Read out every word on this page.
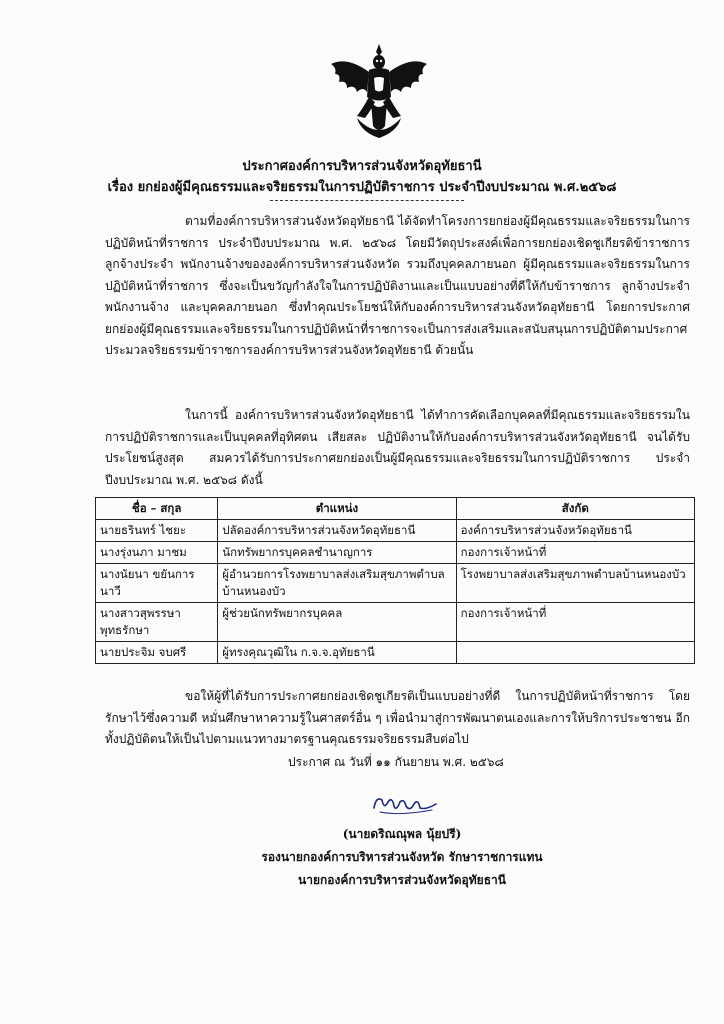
ประกาศองค์การบริหารส่วนจังหวัดอุทัยธานี
เรื่อง ยกย่องผู้มีคุณธรรมและจริยธรรมในการปฏิบัติราชการ ประจำปีงบประมาณ พ.ศ.๒๕๖๘

ตามที่องค์การบริหารส่วนจังหวัดอุทัยธานี ได้จัดทำโครงการยกย่องผู้มีคุณธรรมและจริยธรรมในการปฏิบัติหน้าที่ราชการ ประจำปีงบประมาณ พ.ศ. ๒๕๖๘ โดยมีวัตถุประสงค์เพื่อการยกย่องเชิดชูเกียรติข้าราชการ ลูกจ้างประจำ พนักงานจ้างขององค์การบริหารส่วนจังหวัด รวมถึงบุคคลภายนอก ผู้มีคุณธรรมและจริยธรรมในการปฏิบัติหน้าที่ราชการ ซึ่งจะเป็นขวัญกำลังใจในการปฏิบัติงานและเป็นแบบอย่างที่ดีให้กับข้าราชการ ลูกจ้างประจำ พนักงานจ้าง และบุคคลภายนอก ซึ่งทำคุณประโยชน์ให้กับองค์การบริหารส่วนจังหวัดอุทัยธานี โดยการประกาศ ยกย่องผู้มีคุณธรรมและจริยธรรมในการปฏิบัติหน้าที่ราชการจะเป็นการส่งเสริมและสนับสนุนการปฏิบัติตามประกาศประมวลจริยธรรมข้าราชการองค์การบริหารส่วนจังหวัดอุทัยธานี ด้วยนั้น

ในการนี้ องค์การบริหารส่วนจังหวัดอุทัยธานี ได้ทำการคัดเลือกบุคคลที่มีคุณธรรมและจริยธรรมในการปฏิบัติราชการและเป็นบุคคลที่อุทิศตน เสียสละ ปฏิบัติงานให้กับองค์การบริหารส่วนจังหวัดอุทัยธานี จนได้รับประโยชน์สูงสุด สมควรได้รับการประกาศยกย่องเป็นผู้มีคุณธรรมและจริยธรรมในการปฏิบัติราชการ ประจำปีงบประมาณ พ.ศ. ๒๕๖๘ ดังนี้

ชื่อ – สกุล	ตำแหน่ง	สังกัด
นายธรินทร์ ไชยะ	ปลัดองค์การบริหารส่วนจังหวัดอุทัยธานี	องค์การบริหารส่วนจังหวัดอุทัยธานี
นางรุ่งนภา มาชม	นักทรัพยากรบุคคลชำนาญการ	กองการเจ้าหน้าที่
นางนัยนา ขยันการนาวี	ผู้อำนวยการโรงพยาบาลส่งเสริมสุขภาพตำบลบ้านหนองบัว	โรงพยาบาลส่งเสริมสุขภาพตำบลบ้านหนองบัว
นางสาวสุพรรษา พุทธรักษา	ผู้ช่วยนักทรัพยากรบุคคล	กองการเจ้าหน้าที่
นายประจิม จบศรี	ผู้ทรงคุณวุฒิใน ก.จ.จ.อุทัยธานี	

ขอให้ผู้ที่ได้รับการประกาศยกย่องเชิดชูเกียรติเป็นแบบอย่างที่ดี ในการปฏิบัติหน้าที่ราชการ โดยรักษาไว้ซึ่งความดี หมั่นศึกษาหาความรู้ในศาสตร์อื่น ๆ เพื่อนำมาสู่การพัฒนาตนเองและการให้บริการประชาชน อีกทั้งปฏิบัติตนให้เป็นไปตามแนวทางมาตรฐานคุณธรรมจริยธรรมสืบต่อไป

ประกาศ ณ วันที่ ๑๑ กันยายน พ.ศ. ๒๕๖๘
(นายดริณณุพล นุ้ยปรี)
รองนายกองค์การบริหารส่วนจังหวัด รักษาราชการแทน
นายกองค์การบริหารส่วนจังหวัดอุทัยธานี
